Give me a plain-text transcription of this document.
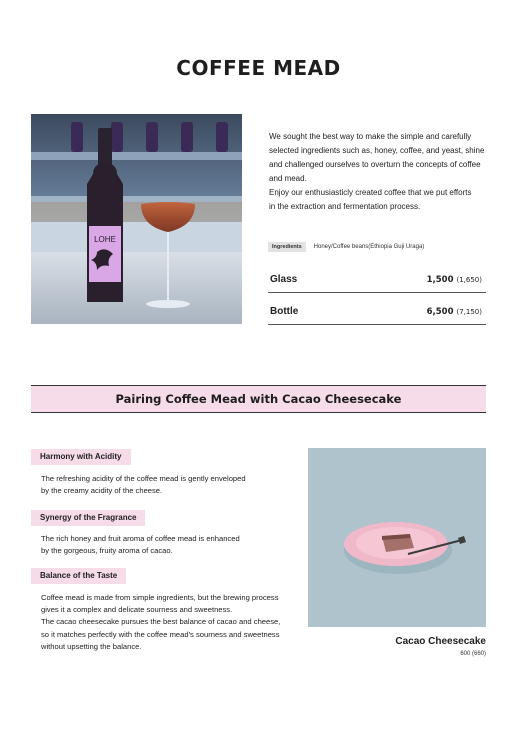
COFFEE MEAD
LOHE

We sought the best way to make the simple and carefully

selected ingredients such as, honey, coffee, and yeast, shine

and challenged ourselves to overturn the concepts of coffee

and mead.

Enjoy our enthusiasticly created coffee that we put efforts

in the extraction and fermentation process.

Ingredients	Honey/Coffee beans(Ethiopia Guji Uraga)
Glass	1,500 (1,650)
Bottle	6,500 (7,150)
Pairing Coffee Mead with Cacao Cheesecake
Harmony with Acidity

The refreshing acidity of the coffee mead is gently enveloped

by the creamy acidity of the cheese.

Synergy of the Fragrance

The rich honey and fruit aroma of coffee mead is enhanced

by the gorgeous, fruity aroma of cacao.

Balance of the Taste

Coffee mead is made from simple ingredients, but the brewing process

gives it a complex and delicate sourness and sweetness.

The cacao cheesecake pursues the best balance of cacao and cheese,

so it matches perfectly with the coffee mead's sourness and sweetness

without upsetting the balance.	Cacao Cheesecake
600 (660)
